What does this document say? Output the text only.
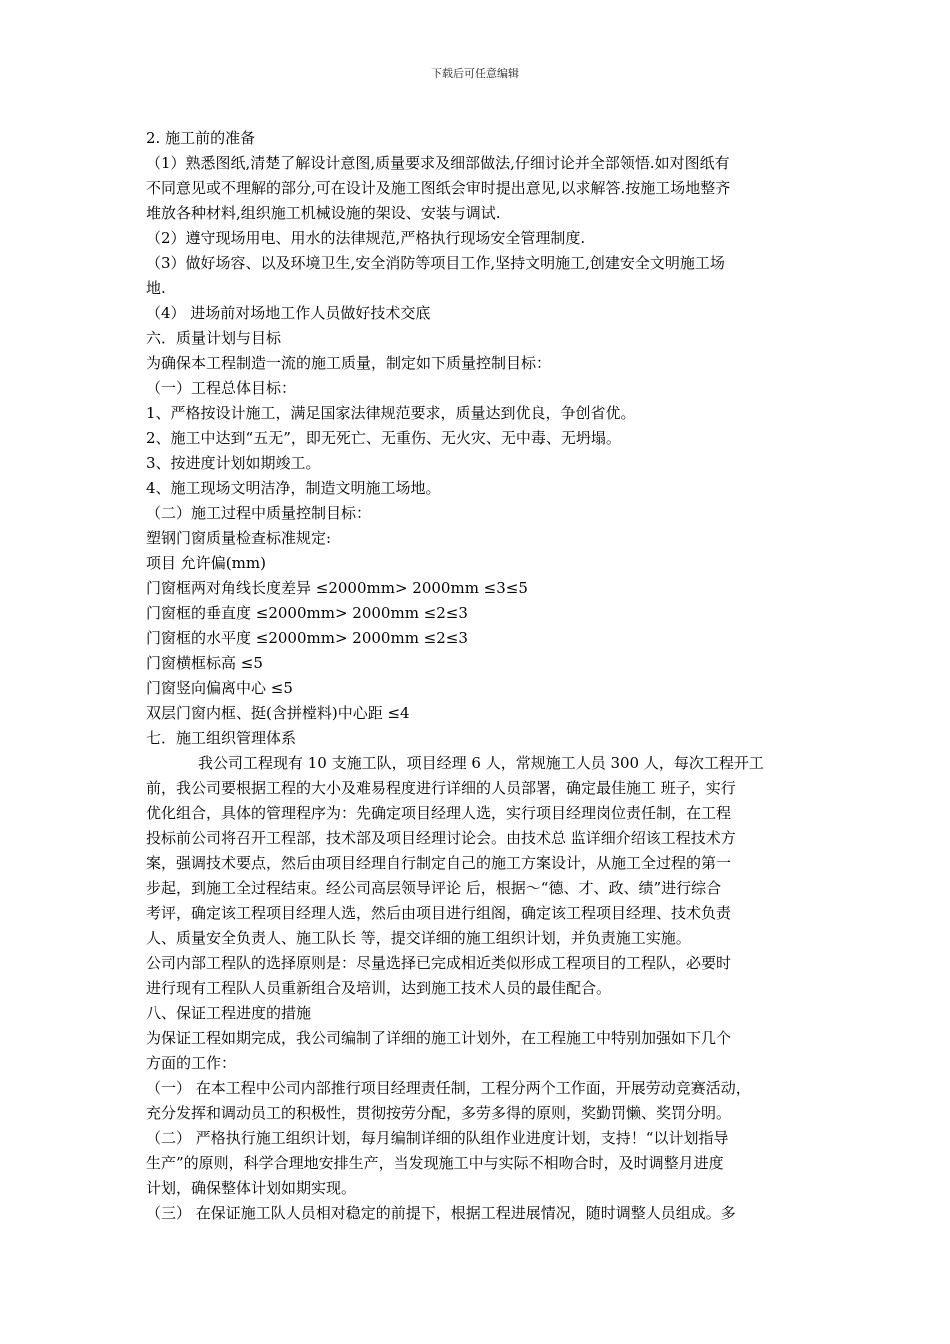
下载后可任意编辑
2. 施工前的准备
（1）熟悉图纸,清楚了解设计意图,质量要求及细部做法,仔细讨论并全部领悟.如对图纸有
不同意见或不理解的部分,可在设计及施工图纸会审时提出意见,以求解答.按施工场地整齐
堆放各种材料,组织施工机械设施的架设、安装与调试.
（2）遵守现场用电、用水的法律规范,严格执行现场安全管理制度.
（3）做好场容、以及环境卫生,安全消防等项目工作,坚持文明施工,创建安全文明施工场
地.
（4） 进场前对场地工作人员做好技术交底
六．质量计划与目标
为确保本工程制造一流的施工质量，制定如下质量控制目标：
（一）工程总体目标：
1、严格按设计施工，满足国家法律规范要求，质量达到优良，争创省优。
2、施工中达到“五无”，即无死亡、无重伤、无火灾、无中毒、无坍塌。
3、按进度计划如期竣工。
4、施工现场文明洁净，制造文明施工场地。
（二）施工过程中质量控制目标：
塑钢门窗质量检查标准规定:
项目 允许偏(mm)
门窗框两对角线长度差异 ≤2000mm> 2000mm ≤3≤5
门窗框的垂直度 ≤2000mm> 2000mm ≤2≤3
门窗框的水平度 ≤2000mm> 2000mm ≤2≤3
门窗横框标高 ≤5
门窗竖向偏离中心 ≤5
双层门窗内框、挺(含拼樘料)中心距 ≤4
七．施工组织管理体系
我公司工程现有 10 支施工队，项目经理 6 人，常规施工人员 300 人，每次工程开工
前，我公司要根据工程的大小及难易程度进行详细的人员部署，确定最佳施工 班子，实行
优化组合，具体的管理程序为：先确定项目经理人选，实行项目经理岗位责任制，在工程
投标前公司将召开工程部，技术部及项目经理讨论会。由技术总 监详细介绍该工程技术方
案，强调技术要点，然后由项目经理自行制定自己的施工方案设计，从施工全过程的第一
步起，到施工全过程结束。经公司高层领导评论 后，根据～“德、才、政、绩”进行综合
考评，确定该工程项目经理人选，然后由项目进行组阁，确定该工程项目经理、技术负责
人、质量安全负责人、施工队长 等，提交详细的施工组织计划，并负责施工实施。
公司内部工程队的选择原则是：尽量选择已完成相近类似形成工程项目的工程队，必要时
进行现有工程队人员重新组合及培训，达到施工技术人员的最佳配合。
八、保证工程进度的措施
为保证工程如期完成，我公司编制了详细的施工计划外，在工程施工中特别加强如下几个
方面的工作：
（一） 在本工程中公司内部推行项目经理责任制，工程分两个工作面，开展劳动竞赛活动，
充分发挥和调动员工的积极性，贯彻按劳分配，多劳多得的原则，奖勤罚懒、奖罚分明。
（二） 严格执行施工组织计划，每月编制详细的队组作业进度计划，支持！“以计划指导
生产”的原则，科学合理地安排生产，当发现施工中与实际不相吻合时，及时调整月进度
计划，确保整体计划如期实现。
（三） 在保证施工队人员相对稳定的前提下，根据工程进展情况，随时调整人员组成。多
